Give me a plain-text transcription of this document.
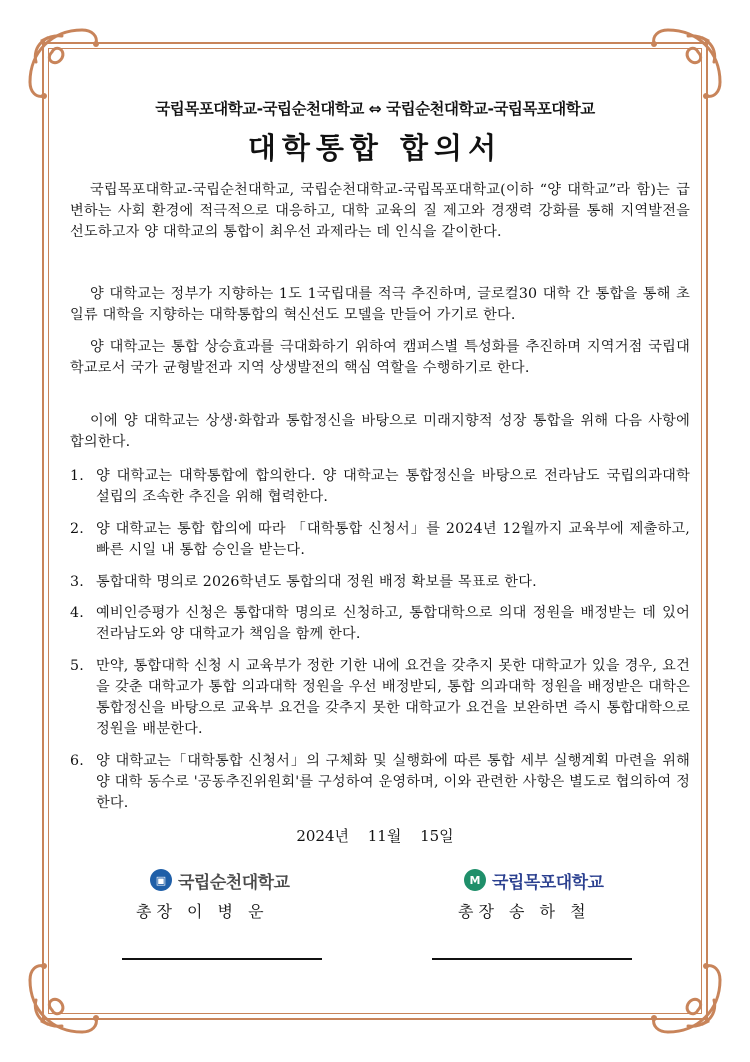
국립목포대학교-국립순천대학교 ⇔ 국립순천대학교-국립목포대학교
대학통합 합의서
국립목포대학교-국립순천대학교, 국립순천대학교-국립목포대학교(이하 “양 대학교”라 함)는 급변하는 사회 환경에 적극적으로 대응하고, 대학 교육의 질 제고와 경쟁력 강화를 통해 지역발전을 선도하고자 양 대학교의 통합이 최우선 과제라는 데 인식을 같이한다.
양 대학교는 정부가 지향하는 1도 1국립대를 적극 추진하며, 글로컬30 대학 간 통합을 통해 초일류 대학을 지향하는 대학통합의 혁신선도 모델을 만들어 가기로 한다.
양 대학교는 통합 상승효과를 극대화하기 위하여 캠퍼스별 특성화를 추진하며 지역거점 국립대학교로서 국가 균형발전과 지역 상생발전의 핵심 역할을 수행하기로 한다.
이에 양 대학교는 상생·화합과 통합정신을 바탕으로 미래지향적 성장 통합을 위해 다음 사항에 합의한다.
1. 양 대학교는 대학통합에 합의한다. 양 대학교는 통합정신을 바탕으로 전라남도 국립의과대학 설립의 조속한 추진을 위해 협력한다.
2. 양 대학교는 통합 합의에 따라 「대학통합 신청서」를 2024년 12월까지 교육부에 제출하고, 빠른 시일 내 통합 승인을 받는다.
3. 통합대학 명의로 2026학년도 통합의대 정원 배정 확보를 목표로 한다.
4. 예비인증평가 신청은 통합대학 명의로 신청하고, 통합대학으로 의대 정원을 배정받는 데 있어 전라남도와 양 대학교가 책임을 함께 한다.
5. 만약, 통합대학 신청 시 교육부가 정한 기한 내에 요건을 갖추지 못한 대학교가 있을 경우, 요건을 갖춘 대학교가 통합 의과대학 정원을 우선 배정받되, 통합 의과대학 정원을 배정받은 대학은 통합정신을 바탕으로 교육부 요건을 갖추지 못한 대학교가 요건을 보완하면 즉시 통합대학으로 정원을 배분한다.
6. 양 대학교는「대학통합 신청서」의 구체화 및 실행화에 따른 통합 세부 실행계획 마련을 위해 양 대학 동수로 '공동추진위원회'를 구성하여 운영하며, 이와 관련한 사항은 별도로 협의하여 정한다.
2024년 11월 15일
▣ 국립순천대학교	M 국립목포대학교
총장 이 병 운	총장 송 하 철
